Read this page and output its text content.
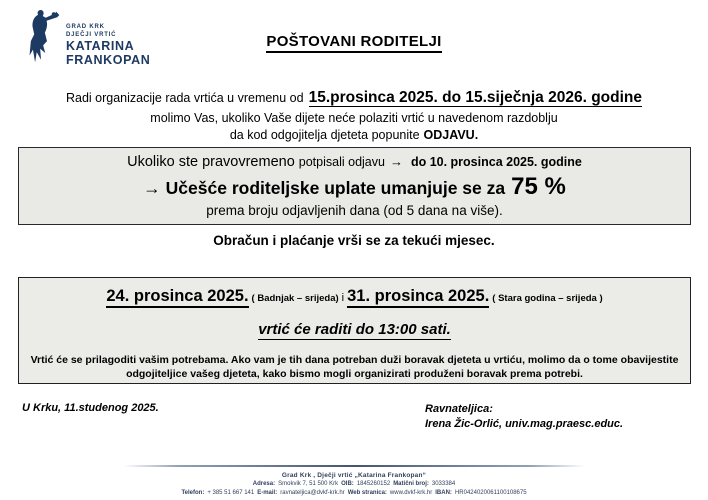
GRAD KRK
DJEČJI VRTIĆ
KATARINA
FRANKOPAN
POŠTOVANI RODITELJI
Radi organizacije rada vrtića u vremenu od 15.prosinca 2025. do 15.siječnja 2026. godine
molimo Vas, ukoliko Vaše dijete neće polaziti vrtić u navedenom razdoblju
da kod odgojitelja djeteta popunite ODJAVU.
Ukoliko ste pravovremeno potpisali odjavu → do 10. prosinca 2025. godine
→ Učešće roditeljske uplate umanjuje se za 75 %
prema broju odjavljenih dana (od 5 dana na više).
Obračun i plaćanje vrši se za tekući mjesec.
24. prosinca 2025. ( Badnjak – srijeda) i 31. prosinca 2025. ( Stara godina – srijeda )
vrtić će raditi do 13:00 sati.
Vrtić će se prilagoditi vašim potrebama. Ako vam je tih dana potreban duži boravak djeteta u vrtiću, molimo da o tome obavijestite odgojiteljice vašeg djeteta, kako bismo mogli organizirati produženi boravak prema potrebi.
U Krku, 11.studenog 2025.	Ravnateljica:
Irena Žic-Orlić, univ.mag.praesc.educ.
Grad Krk , Dječji vrtić „Katarina Frankopan“
Adresa: Smokvik 7, 51 500 Krk OIB: 1845260152 Matični broj: 3033384
Telefon: + 385 51 667 141 E-mail: ravnateljica@dvkf-krk.hr Web stranica: www.dvkf-krk.hr IBAN: HR0424020061100108675
